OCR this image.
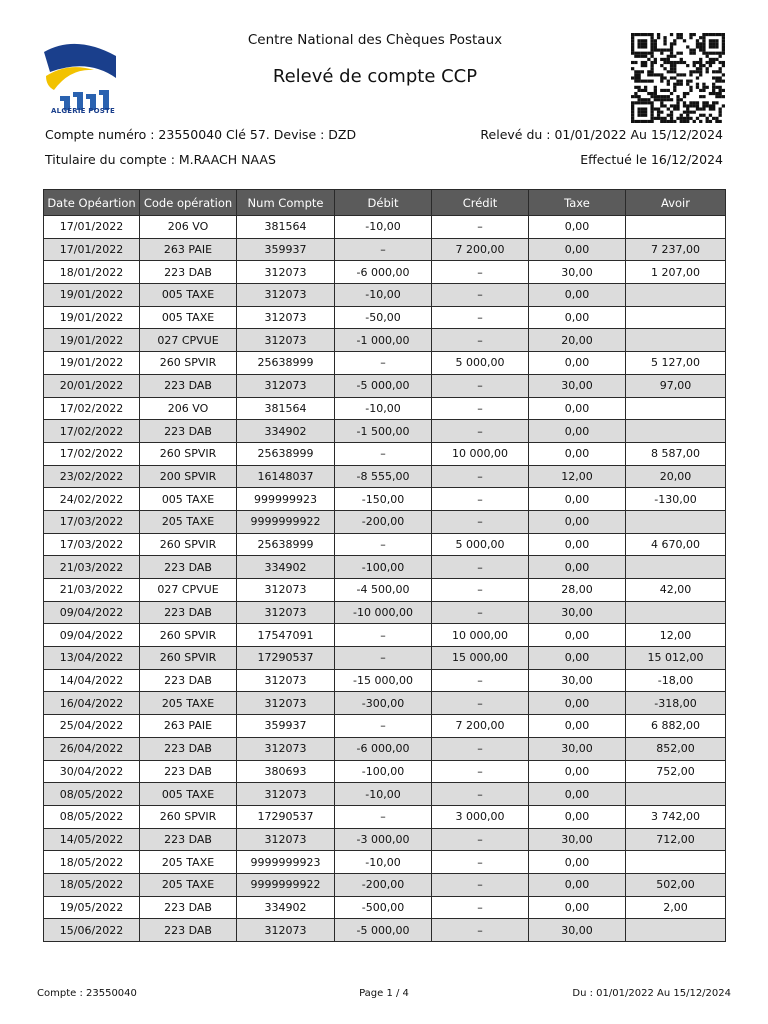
ALGÉRIE POSTE
Centre National des Chèques Postaux
Relevé de compte CCP
Compte numéro : 23550040 Clé 57. Devise : DZD	Relevé du : 01/01/2022 Au 15/12/2024
Titulaire du compte : M.RAACH NAAS	Effectué le 16/12/2024
Date Opéartion	Code opération	Num Compte	Débit	Crédit	Taxe	Avoir
17/01/2022	206 VO	381564	-10,00	–	0,00	
17/01/2022	263 PAIE	359937	–	7 200,00	0,00	7 237,00
18/01/2022	223 DAB	312073	-6 000,00	–	30,00	1 207,00
19/01/2022	005 TAXE	312073	-10,00	–	0,00	
19/01/2022	005 TAXE	312073	-50,00	–	0,00	
19/01/2022	027 CPVUE	312073	-1 000,00	–	20,00	
19/01/2022	260 SPVIR	25638999	–	5 000,00	0,00	5 127,00
20/01/2022	223 DAB	312073	-5 000,00	–	30,00	97,00
17/02/2022	206 VO	381564	-10,00	–	0,00	
17/02/2022	223 DAB	334902	-1 500,00	–	0,00	
17/02/2022	260 SPVIR	25638999	–	10 000,00	0,00	8 587,00
23/02/2022	200 SPVIR	16148037	-8 555,00	–	12,00	20,00
24/02/2022	005 TAXE	999999923	-150,00	–	0,00	-130,00
17/03/2022	205 TAXE	9999999922	-200,00	–	0,00	
17/03/2022	260 SPVIR	25638999	–	5 000,00	0,00	4 670,00
21/03/2022	223 DAB	334902	-100,00	–	0,00	
21/03/2022	027 CPVUE	312073	-4 500,00	–	28,00	42,00
09/04/2022	223 DAB	312073	-10 000,00	–	30,00	
09/04/2022	260 SPVIR	17547091	–	10 000,00	0,00	12,00
13/04/2022	260 SPVIR	17290537	–	15 000,00	0,00	15 012,00
14/04/2022	223 DAB	312073	-15 000,00	–	30,00	-18,00
16/04/2022	205 TAXE	312073	-300,00	–	0,00	-318,00
25/04/2022	263 PAIE	359937	–	7 200,00	0,00	6 882,00
26/04/2022	223 DAB	312073	-6 000,00	–	30,00	852,00
30/04/2022	223 DAB	380693	-100,00	–	0,00	752,00
08/05/2022	005 TAXE	312073	-10,00	–	0,00	
08/05/2022	260 SPVIR	17290537	–	3 000,00	0,00	3 742,00
14/05/2022	223 DAB	312073	-3 000,00	–	30,00	712,00
18/05/2022	205 TAXE	9999999923	-10,00	–	0,00	
18/05/2022	205 TAXE	9999999922	-200,00	–	0,00	502,00
19/05/2022	223 DAB	334902	-500,00	–	0,00	2,00
15/06/2022	223 DAB	312073	-5 000,00	–	30,00	
Compte : 23550040	Page 1 / 4	Du : 01/01/2022 Au 15/12/2024
